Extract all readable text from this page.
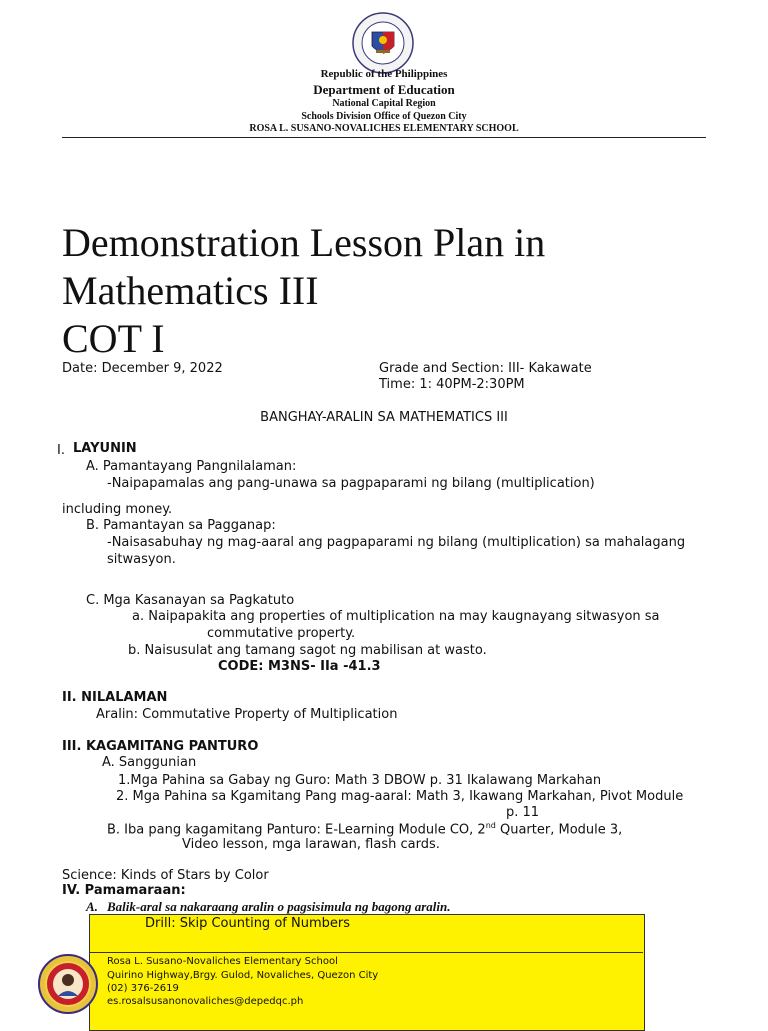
Republic of the Philippines
Department of Education
National Capital Region
Schools Division Office of Quezon City
ROSA L. SUSANO-NOVALICHES ELEMENTARY SCHOOL
Demonstration Lesson Plan in
Mathematics III
COT I
Date: December 9, 2022	Grade and Section: III- Kakawate
Time: 1: 40PM-2:30PM
BANGHAY-ARALIN SA MATHEMATICS III
I. LAYUNIN
A. Pamantayang Pangnilalaman:
-Naipapamalas ang pang-unawa sa pagpaparami ng bilang (multiplication)
including money.
B. Pamantayan sa Pagganap:
-Naisasabuhay ng mag-aaral ang pagpaparami ng bilang (multiplication) sa mahalagang
sitwasyon.
C. Mga Kasanayan sa Pagkatuto
a. Naipapakita ang properties of multiplication na may kaugnayang sitwasyon sa
commutative property.
b. Naisusulat ang tamang sagot ng mabilisan at wasto.
CODE: M3NS- IIa -41.3
II. NILALAMAN
Aralin: Commutative Property of Multiplication
III. KAGAMITANG PANTURO
A. Sanggunian
1.Mga Pahina sa Gabay ng Guro: Math 3 DBOW p. 31 Ikalawang Markahan
2. Mga Pahina sa Kgamitang Pang mag-aaral: Math 3, Ikawang Markahan, Pivot Module
p. 11
B. Iba pang kagamitang Panturo: E-Learning Module CO, 2nd Quarter, Module 3,
Video lesson, mga larawan, flash cards.
Science: Kinds of Stars by Color
IV. Pamamaraan:
A. Balik-aral sa nakaraang aralin o pagsisimula ng bagong aralin.
Drill: Skip Counting of Numbers
Rosa L. Susano-Novaliches Elementary School
Quirino Highway,Brgy. Gulod, Novaliches, Quezon City
(02) 376-2619
es.rosalsusanonovaliches@depedqc.ph
